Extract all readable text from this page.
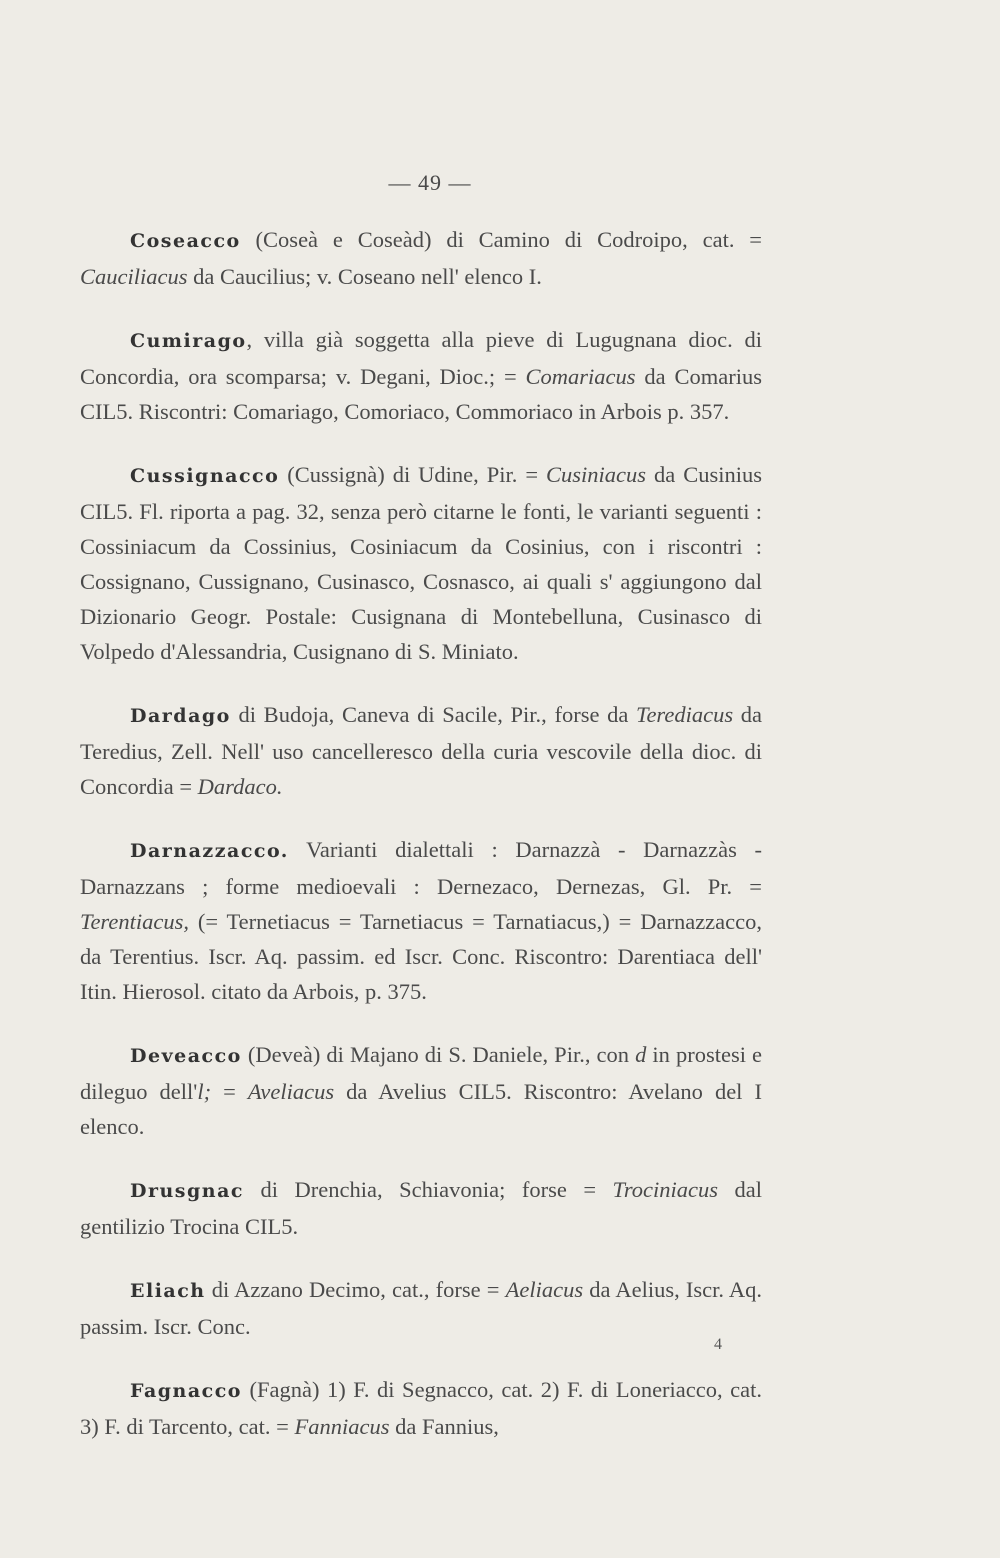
— 49 —

Coseacco (Coseà e Coseàd) di Camino di Codroipo, cat. = Cauciliacus da Caucilius; v. Coseano nell' elenco I.

Cumirago, villa già soggetta alla pieve di Lugugnana dioc. di Concordia, ora scomparsa; v. Degani, Dioc.; = Comariacus da Comarius CIL5. Riscontri: Comariago, Comoriaco, Commoriaco in Arbois p. 357.

Cussignacco (Cussignà) di Udine, Pir. = Cusiniacus da Cusinius CIL5. Fl. riporta a pag. 32, senza però citarne le fonti, le varianti seguenti : Cossiniacum da Cossinius, Cosiniacum da Cosinius, con i riscontri : Cossignano, Cussignano, Cusinasco, Cosnasco, ai quali s' aggiungono dal Dizionario Geogr. Postale: Cusignana di Montebelluna, Cusinasco di Volpedo d'Alessandria, Cusignano di S. Miniato.

Dardago di Budoja, Caneva di Sacile, Pir., forse da Terediacus da Teredius, Zell. Nell' uso cancelleresco della curia vescovile della dioc. di Concordia = Dardaco.

Darnazzacco. Varianti dialettali : Darnazzà - Darnazzàs - Darnazzans ; forme medioevali : Dernezaco, Dernezas, Gl. Pr. = Terentiacus, (= Ternetiacus = Tarnetiacus = Tarnatiacus,) = Darnazzacco, da Terentius. Iscr. Aq. passim. ed Iscr. Conc. Riscontro: Darentiaca dell' Itin. Hierosol. citato da Arbois, p. 375.

Deveacco (Deveà) di Majano di S. Daniele, Pir., con d in prostesi e dileguo dell'l; = Aveliacus da Avelius CIL5. Riscontro: Avelano del I elenco.

Drusgnac di Drenchia, Schiavonia; forse = Trociniacus dal gentilizio Trocina CIL5.

Eliach di Azzano Decimo, cat., forse = Aeliacus da Aelius, Iscr. Aq. passim. Iscr. Conc.

Fagnacco (Fagnà) 1) F. di Segnacco, cat. 2) F. di Loneriacco, cat. 3) F. di Tarcento, cat. = Fanniacus da Fannius,

4
